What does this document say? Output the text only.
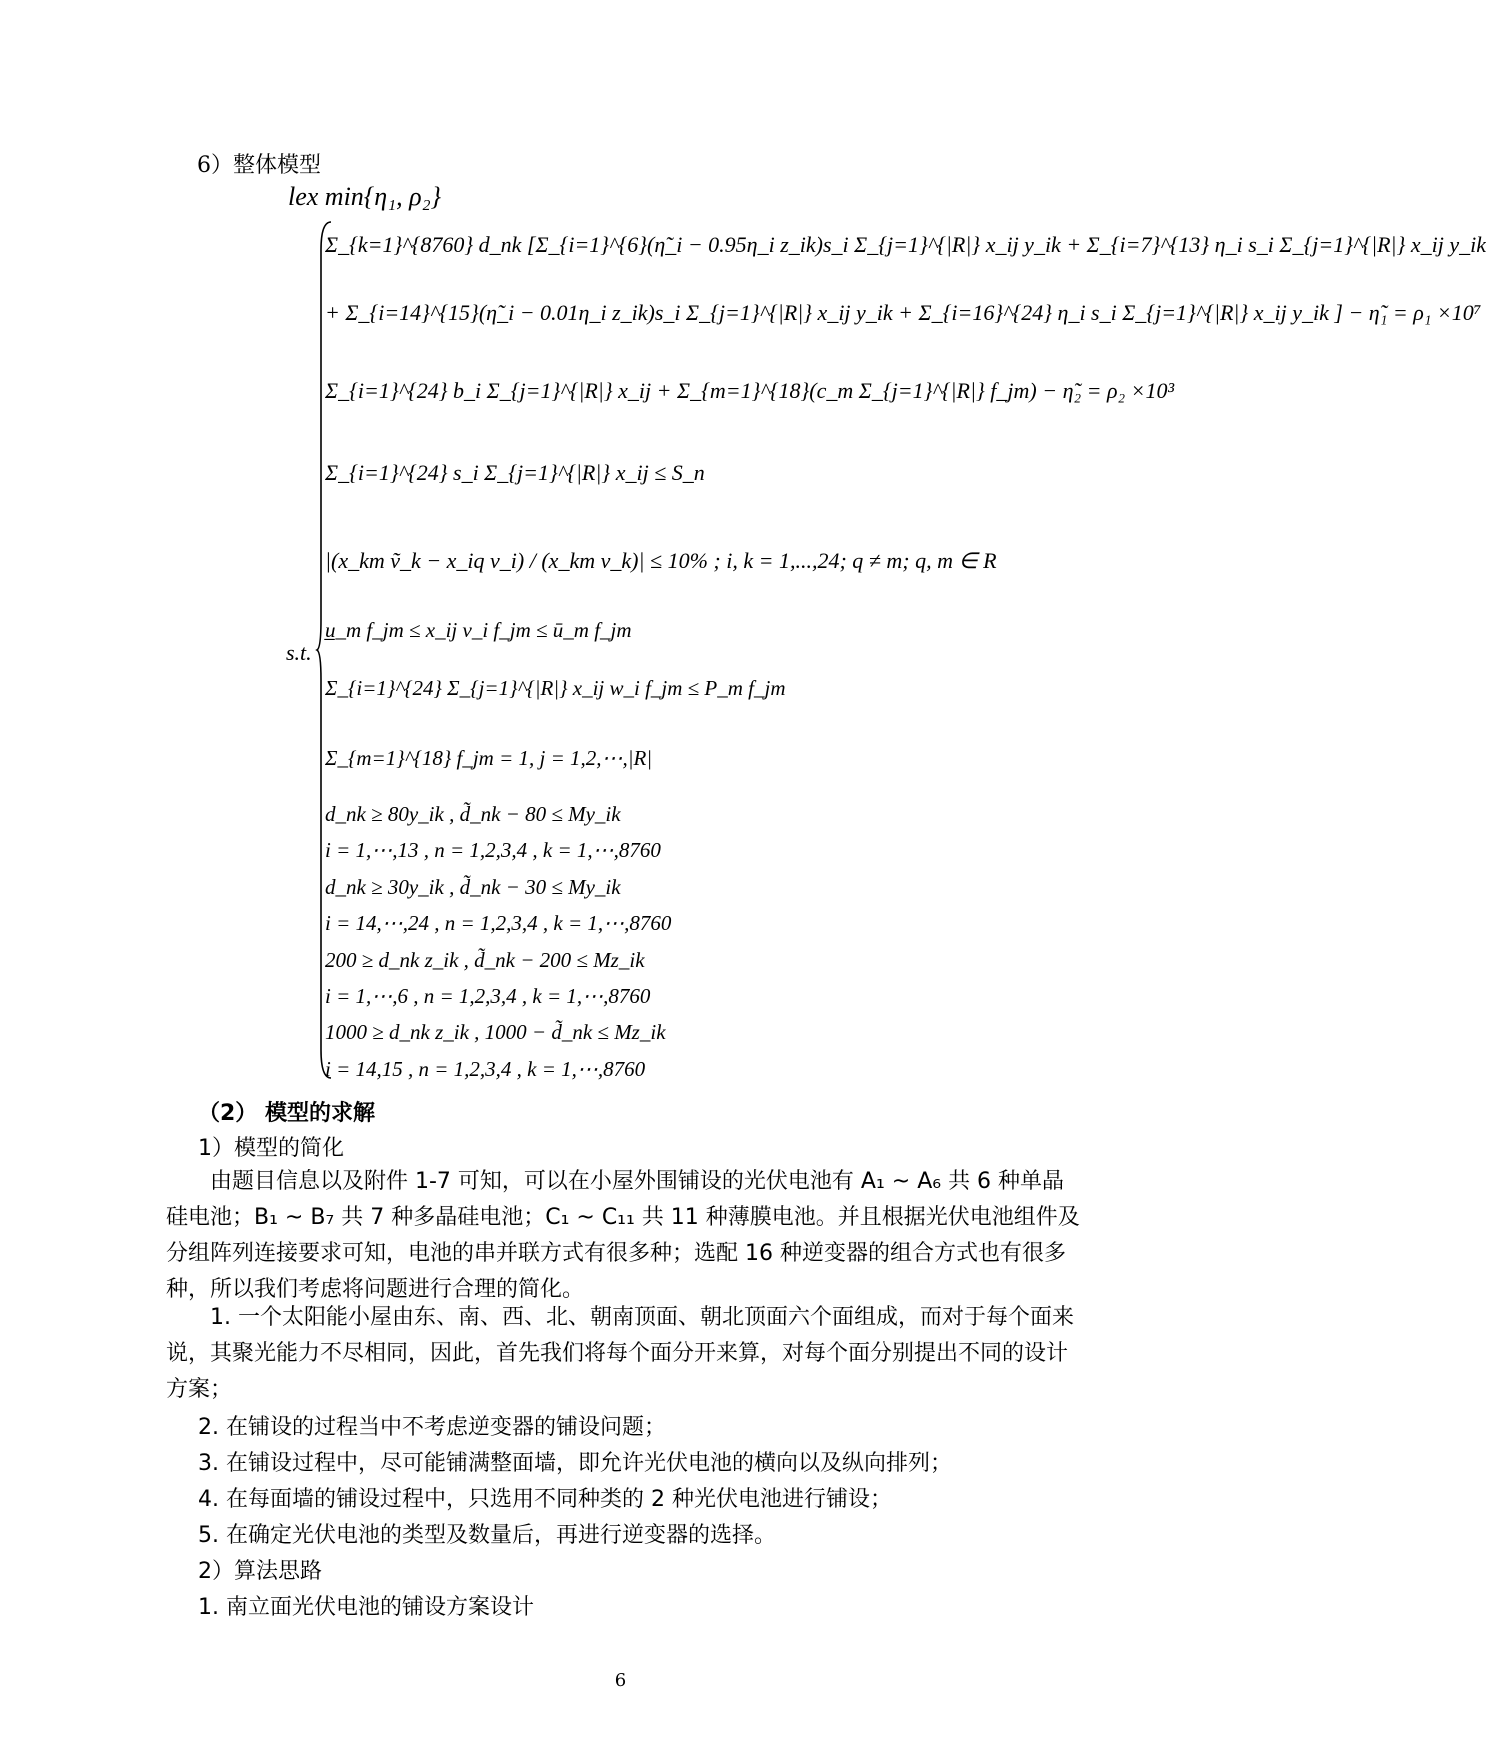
6）整体模型
lex min{η₁, ρ₂}
s.t.
Σ_{k=1}^{8760} d_nk [Σ_{i=1}^{6}(η̃_i − 0.95η_i z_ik)s_i Σ_{j=1}^{|R|} x_ij y_ik + Σ_{i=7}^{13} η_i s_i Σ_{j=1}^{|R|} x_ij y_ik
+ Σ_{i=14}^{15}(η̃_i − 0.01η_i z_ik)s_i Σ_{j=1}^{|R|} x_ij y_ik + Σ_{i=16}^{24} η_i s_i Σ_{j=1}^{|R|} x_ij y_ik ] − η̃₁ = ρ₁ ×10⁷
Σ_{i=1}^{24} b_i Σ_{j=1}^{|R|} x_ij + Σ_{m=1}^{18}(c_m Σ_{j=1}^{|R|} f_jm) − η̃₂ = ρ₂ ×10³
Σ_{i=1}^{24} s_i Σ_{j=1}^{|R|} x_ij ≤ S_n
|(x_km ṽ_k − x_iq v_i) / (x_km v_k)| ≤ 10% ; i, k = 1,...,24; q ≠ m; q, m ∈ R
u̲_m f_jm ≤ x_ij v_i f_jm ≤ ū_m f_jm
Σ_{i=1}^{24} Σ_{j=1}^{|R|} x_ij w_i f_jm ≤ P_m f_jm
Σ_{m=1}^{18} f_jm = 1, j = 1,2,⋯,|R|
d_nk ≥ 80y_ik , d̃_nk − 80 ≤ My_ik
i = 1,⋯,13 , n = 1,2,3,4 , k = 1,⋯,8760
d_nk ≥ 30y_ik , d̃_nk − 30 ≤ My_ik
i = 14,⋯,24 , n = 1,2,3,4 , k = 1,⋯,8760
200 ≥ d_nk z_ik , d̃_nk − 200 ≤ Mz_ik
i = 1,⋯,6 , n = 1,2,3,4 , k = 1,⋯,8760
1000 ≥ d_nk z_ik , 1000 − d̃_nk ≤ Mz_ik
i = 14,15 , n = 1,2,3,4 , k = 1,⋯,8760
（2） 模型的求解
1）模型的简化
由题目信息以及附件 1-7 可知，可以在小屋外围铺设的光伏电池有 A₁ ~ A₆ 共 6 种单晶硅电池；B₁ ~ B₇ 共 7 种多晶硅电池；C₁ ~ C₁₁ 共 11 种薄膜电池。并且根据光伏电池组件及分组阵列连接要求可知，电池的串并联方式有很多种；选配 16 种逆变器的组合方式也有很多种，所以我们考虑将问题进行合理的简化。
1. 一个太阳能小屋由东、南、西、北、朝南顶面、朝北顶面六个面组成，而对于每个面来说，其聚光能力不尽相同，因此，首先我们将每个面分开来算，对每个面分别提出不同的设计方案；
2. 在铺设的过程当中不考虑逆变器的铺设问题；
3. 在铺设过程中，尽可能铺满整面墙，即允许光伏电池的横向以及纵向排列；
4. 在每面墙的铺设过程中，只选用不同种类的 2 种光伏电池进行铺设；
5. 在确定光伏电池的类型及数量后，再进行逆变器的选择。
2）算法思路
1. 南立面光伏电池的铺设方案设计
6
